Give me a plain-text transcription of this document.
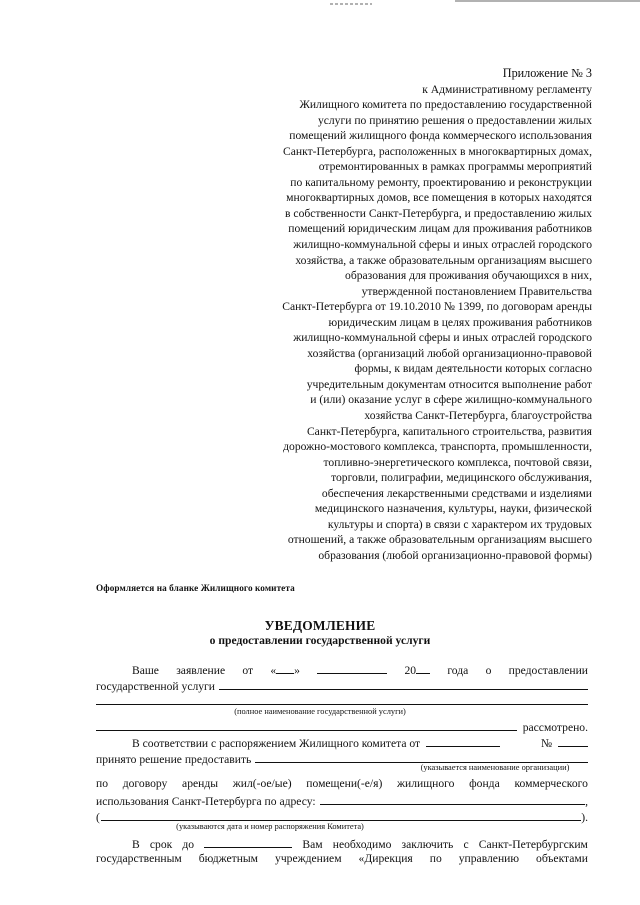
Приложение № 3
к Административному регламенту
Жилищного комитета по предоставлению государственной
услуги по принятию решения о предоставлении жилых
помещений жилищного фонда коммерческого использования
Санкт-Петербурга, расположенных в многоквартирных домах,
отремонтированных в рамках программы мероприятий
по капитальному ремонту, проектированию и реконструкции
многоквартирных домов, все помещения в которых находятся
в собственности Санкт-Петербурга, и предоставлению жилых
помещений юридическим лицам для проживания работников
жилищно-коммунальной сферы и иных отраслей городского
хозяйства, а также образовательным организациям высшего
образования для проживания обучающихся в них,
утвержденной постановлением Правительства
Санкт-Петербурга от 19.10.2010 № 1399, по договорам аренды
юридическим лицам в целях проживания работников
жилищно-коммунальной сферы и иных отраслей городского
хозяйства (организаций любой организационно-правовой
формы, к видам деятельности которых согласно
учредительным документам относится выполнение работ
и (или) оказание услуг в сфере жилищно-коммунального
хозяйства Санкт-Петербурга, благоустройства
Санкт-Петербурга, капитального строительства, развития
дорожно-мостового комплекса, транспорта, промышленности,
топливно-энергетического комплекса, почтовой связи,
торговли, полиграфии, медицинского обслуживания,
обеспечения лекарственными средствами и изделиями
медицинского назначения, культуры, науки, физической
культуры и спорта) в связи с характером их трудовых
отношений, а также образовательным организациям высшего
образования (любой организационно-правовой формы)
Оформляется на бланке Жилищного комитета
УВЕДОМЛЕНИЕ
о предоставлении государственной услуги
Ваше заявление от « »	20	года о предоставлении
государственной услуги
(полное наименование государственной услуги)
рассмотрено.
В соответствии с распоряжением Жилищного комитета от	№
принято решение предоставить
(указывается наименование организации)
по договору аренды жил(-ое/ые) помещени(-е/я) жилищного фонда коммерческого
использования Санкт-Петербурга по адресу:	,
(	).
(указываются дата и номер распоряжения Комитета)
В срок до	Вам необходимо заключить с Санкт-Петербургским
государственным бюджетным учреждением «Дирекция по управлению объектами
